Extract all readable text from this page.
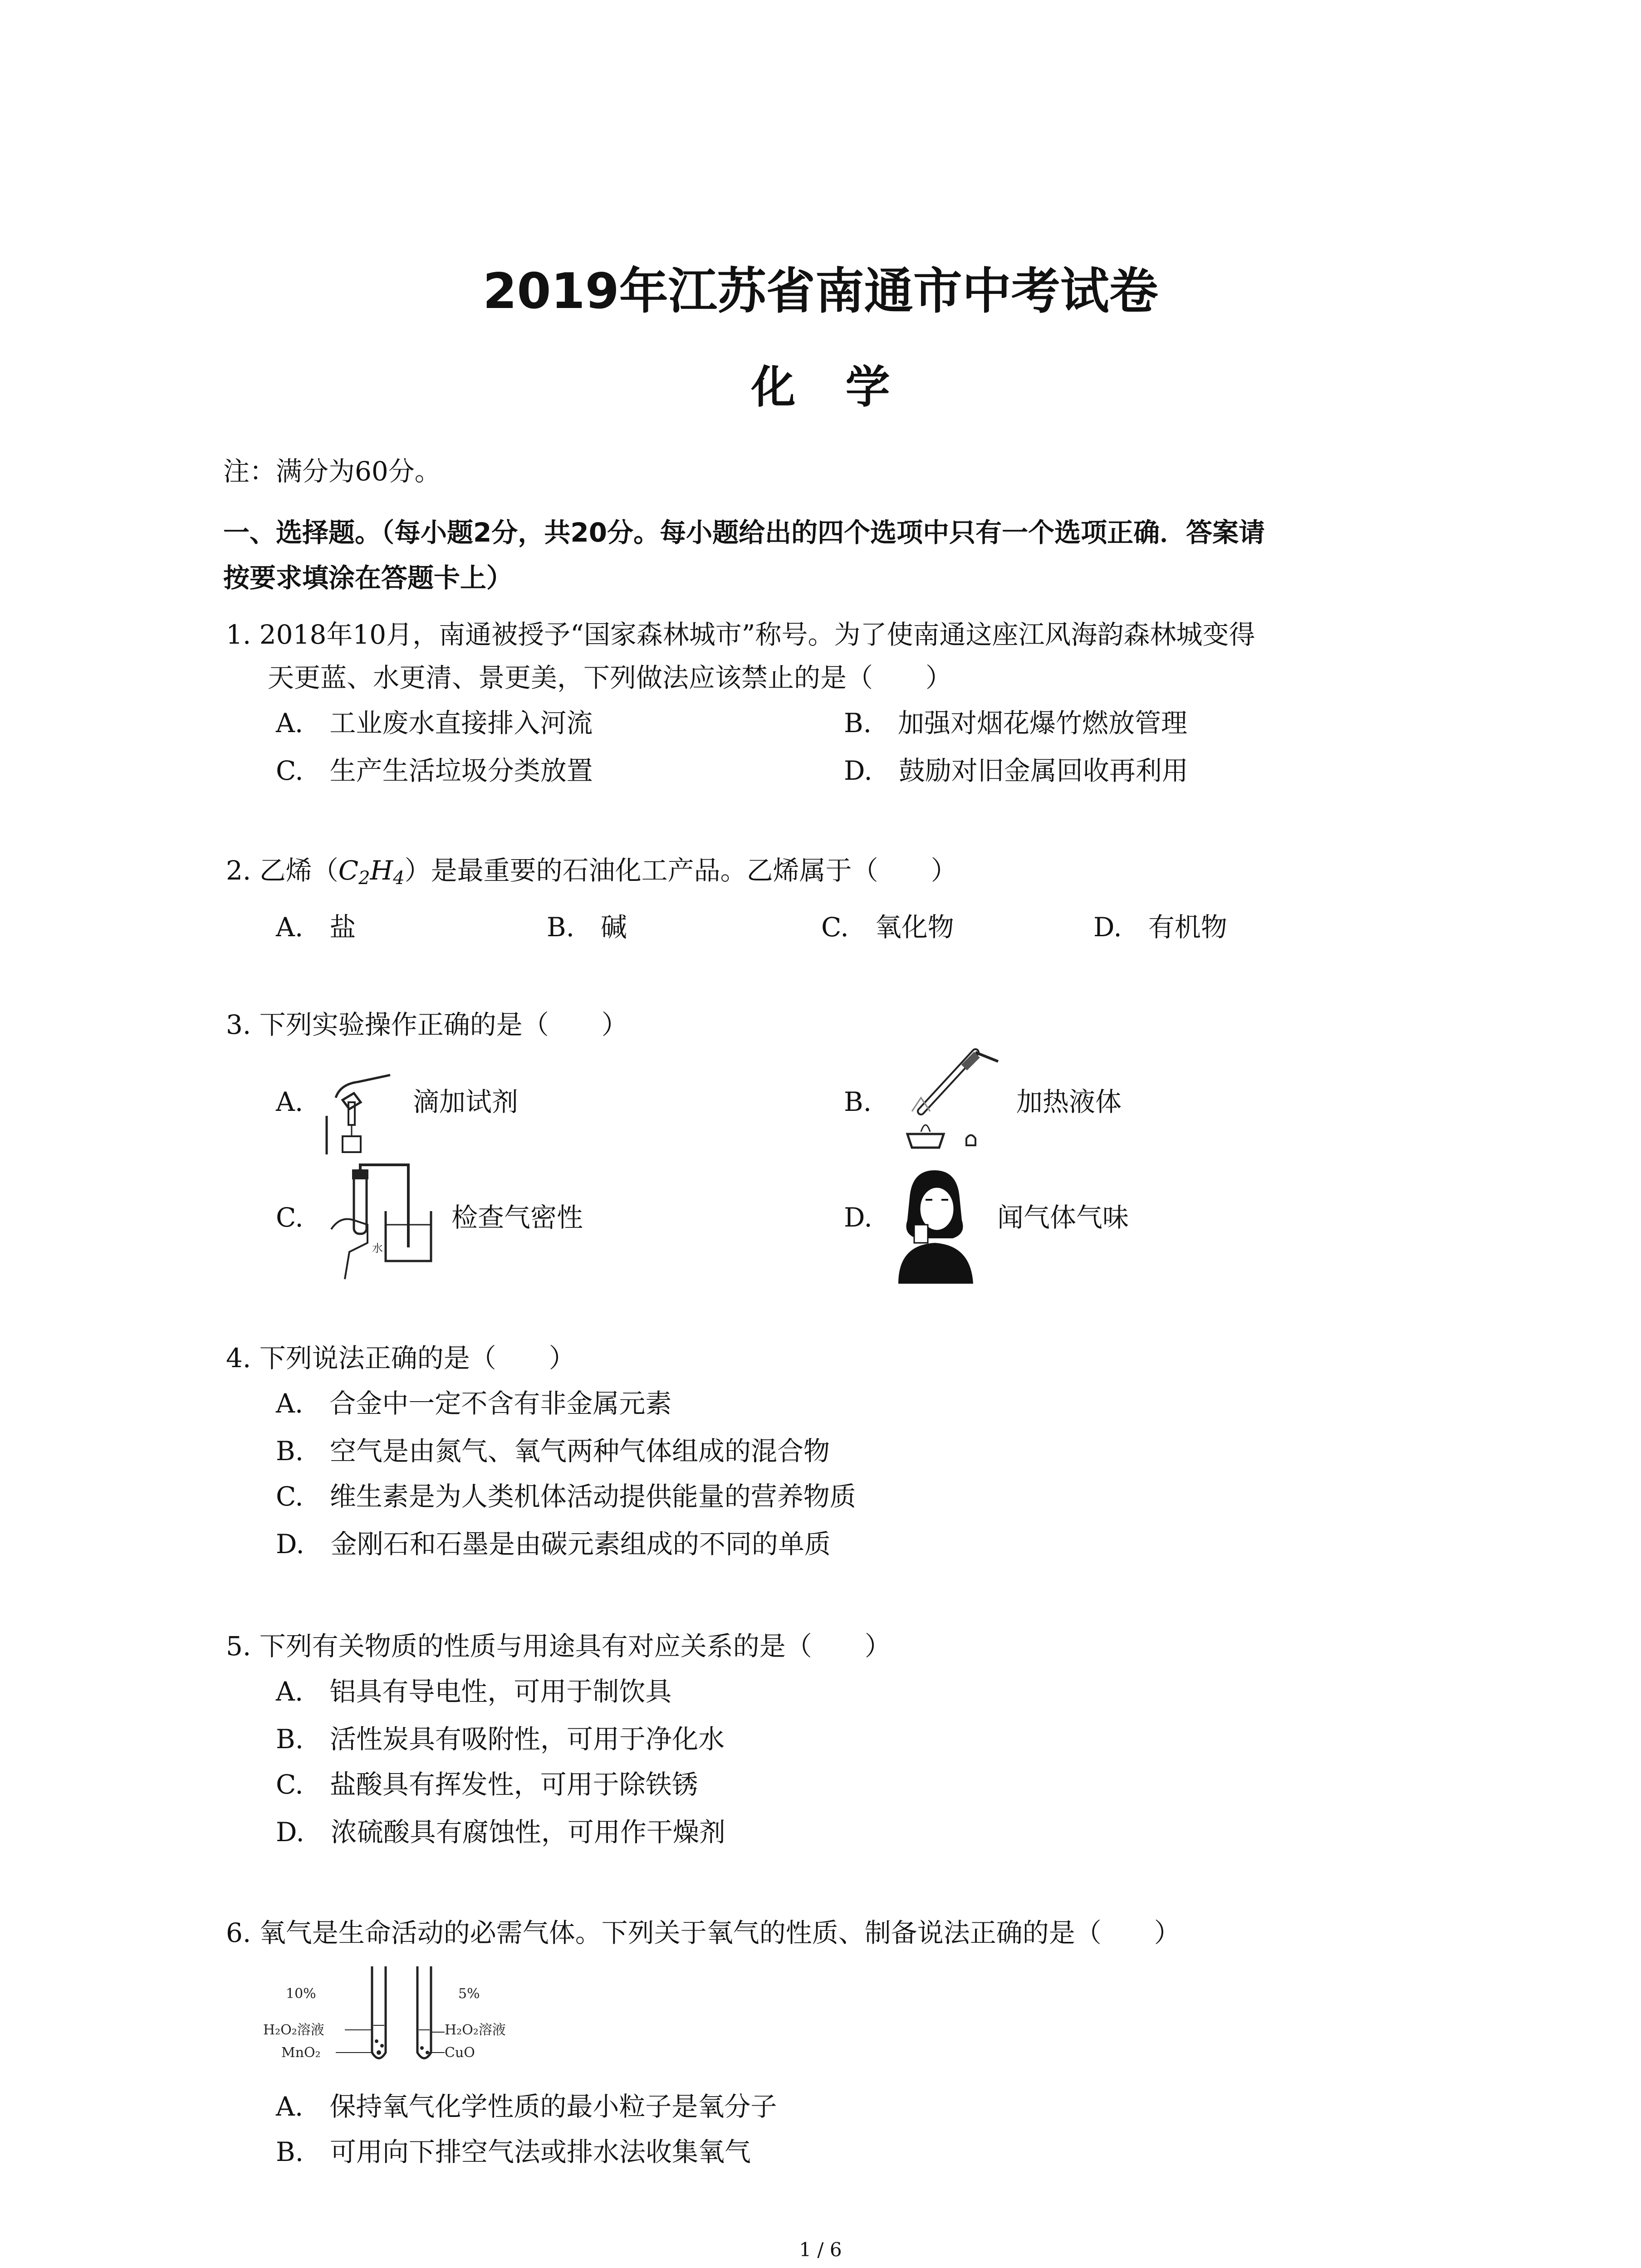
2019年江苏省南通市中考试卷
化学
注：满分为60分。
一、选择题。（每小题2分，共20分。每小题给出的四个选项中只有一个选项正确．答案请
按要求填涂在答题卡上）
1. 2018年10月，南通被授予“国家森林城市”称号。为了使南通这座江风海韵森林城变得
天更蓝、水更清、景更美，下列做法应该禁止的是（　　）
A.　工业废水直接排入河流	B.　加强对烟花爆竹燃放管理
C.　生产生活垃圾分类放置	D.　鼓励对旧金属回收再利用
2. 乙烯$(C_2H_4)$是最重要的石油化工产品。乙烯属于（　　）
A.　盐	B.　碱	C.　氧化物	D.　有机物
3. 下列实验操作正确的是（　　）
A.	滴加试剂	B.	加热液体
C.
水
检查气密性	D.	闻气体气味
4. 下列说法正确的是（　　）
A.　合金中一定不含有非金属元素
B.　空气是由氮气、氧气两种气体组成的混合物
C.　维生素是为人类机体活动提供能量的营养物质
D.　金刚石和石墨是由碳元素组成的不同的单质
5. 下列有关物质的性质与用途具有对应关系的是（　　）
A.　铝具有导电性，可用于制饮具
B.　活性炭具有吸附性，可用于净化水
C.　盐酸具有挥发性，可用于除铁锈
D.　浓硫酸具有腐蚀性，可用作干燥剂
6. 氧气是生命活动的必需气体。下列关于氧气的性质、制备说法正确的是（　　）
10%
H₂O₂溶液
MnO₂
5%
H₂O₂溶液
CuO
A.　保持氧气化学性质的最小粒子是氧分子
B.　可用向下排空气法或排水法收集氧气
1 / 6
